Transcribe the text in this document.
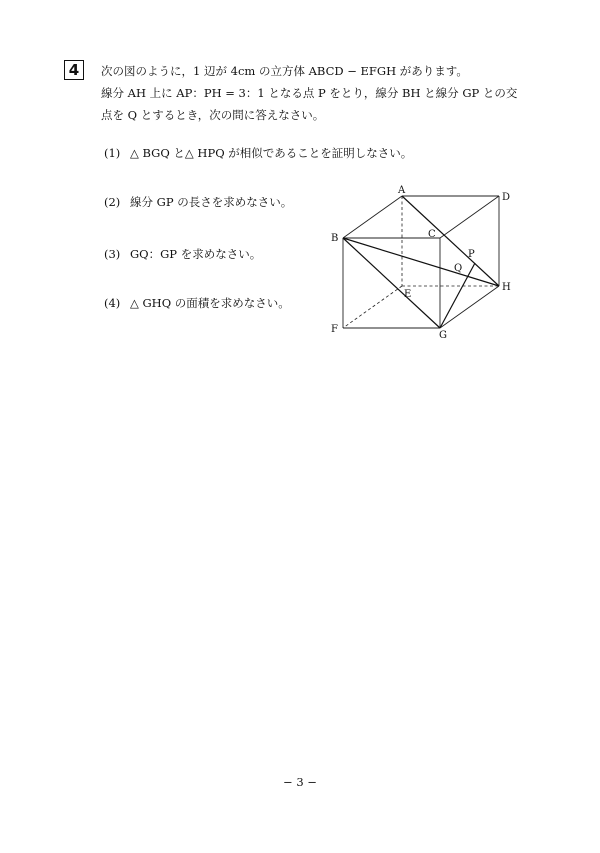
4 次の図のように，1 辺が 4cm の立方体 ABCD − EFGH があります。
線分 AH 上に AP：PH = 3：1 となる点 P をとり，線分 BH と線分 GP との交
点を Q とするとき，次の問に答えなさい。
(1) △ BGQ と△ HPQ が相似であることを証明しなさい。
(2) 線分 GP の長さを求めなさい。
(3) GQ：GP を求めなさい。
(4) △ GHQ の面積を求めなさい。
A
B	C
D
E
F
G
H
P
Q
− 3 −
